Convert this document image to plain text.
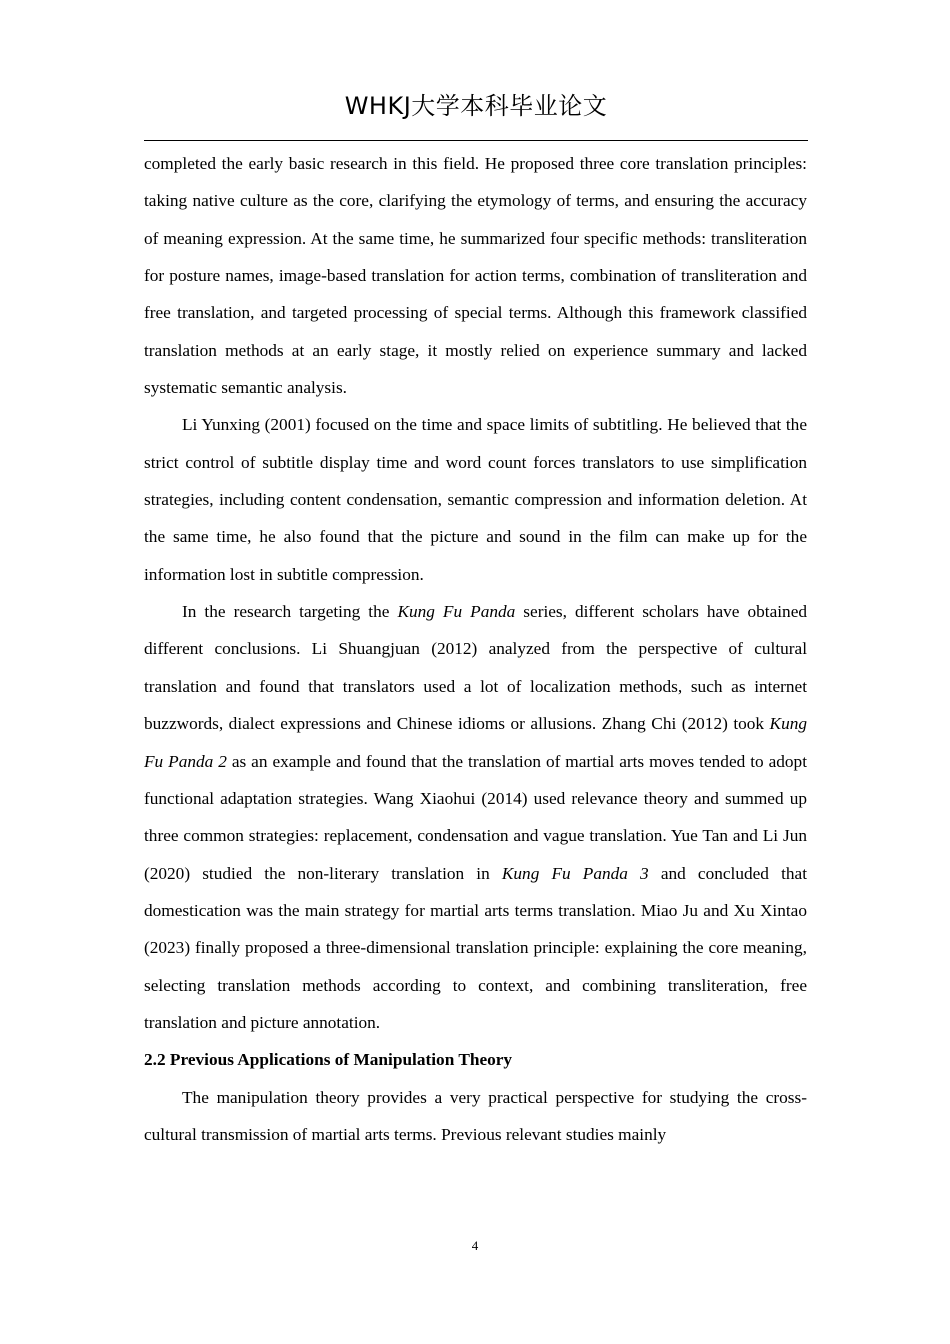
WHKJ大学本科毕业论文

completed the early basic research in this field. He proposed three core translation principles: taking native culture as the core, clarifying the etymology of terms, and ensuring the accuracy of meaning expression. At the same time, he summarized four specific methods: transliteration for posture names, image-based translation for action terms, combination of transliteration and free translation, and targeted processing of special terms. Although this framework classified translation methods at an early stage, it mostly relied on experience summary and lacked systematic semantic analysis.

Li Yunxing (2001) focused on the time and space limits of subtitling. He believed that the strict control of subtitle display time and word count forces translators to use simplification strategies, including content condensation, semantic compression and information deletion. At the same time, he also found that the picture and sound in the film can make up for the information lost in subtitle compression.

In the research targeting the Kung Fu Panda series, different scholars have obtained different conclusions. Li Shuangjuan (2012) analyzed from the perspective of cultural translation and found that translators used a lot of localization methods, such as internet buzzwords, dialect expressions and Chinese idioms or allusions. Zhang Chi (2012) took Kung Fu Panda 2 as an example and found that the translation of martial arts moves tended to adopt functional adaptation strategies. Wang Xiaohui (2014) used relevance theory and summed up three common strategies: replacement, condensation and vague translation. Yue Tan and Li Jun (2020) studied the non-literary translation in Kung Fu Panda 3 and concluded that domestication was the main strategy for martial arts terms translation. Miao Ju and Xu Xintao (2023) finally proposed a three-dimensional translation principle: explaining the core meaning, selecting translation methods according to context, and combining transliteration, free translation and picture annotation.

2.2 Previous Applications of Manipulation Theory

The manipulation theory provides a very practical perspective for studying the cross-cultural transmission of martial arts terms. Previous relevant studies mainly

4
